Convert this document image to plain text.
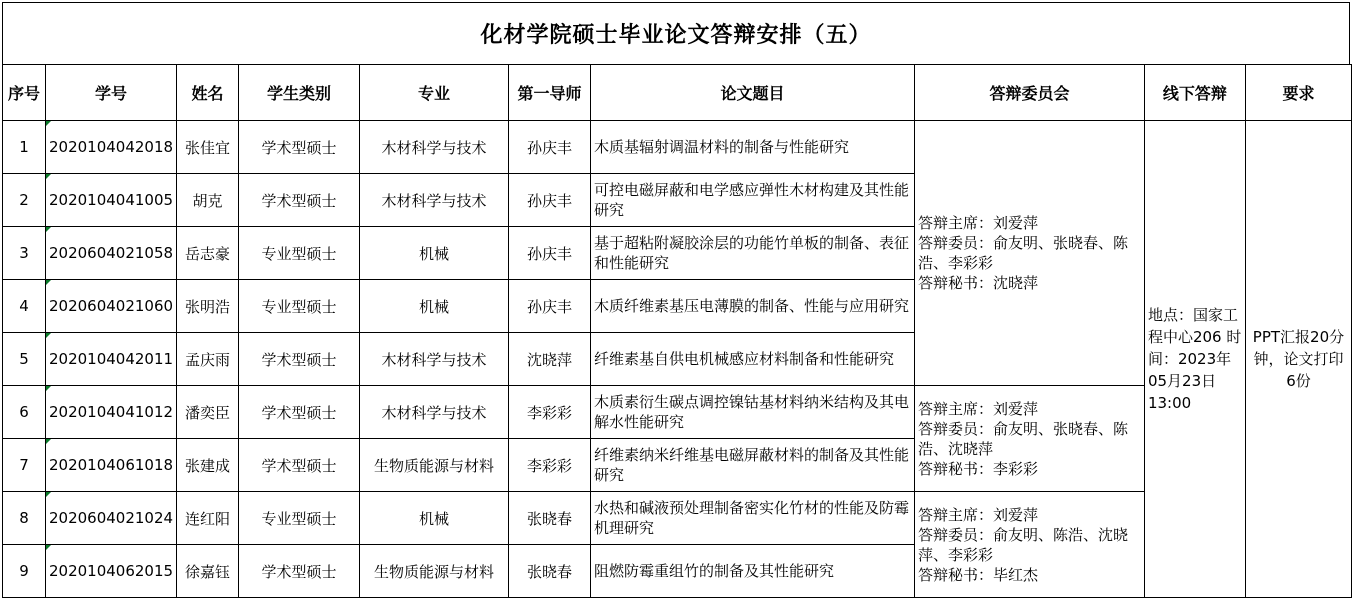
化材学院硕士毕业论文答辩安排（五）
序号	学号	姓名	学生类别	专业	第一导师	论文题目	答辩委员会	线下答辩	要求
1	2020104042018	张佳宜	学术型硕士	木材科学与技术	孙庆丰	木质基辐射调温材料的制备与性能研究	答辩主席：刘爱萍
答辩委员：俞友明、张晓春、陈浩、李彩彩
答辩秘书：沈晓萍	地点：国家工程中心206 时间：2023年05月23日 13:00	PPT汇报20分钟，论文打印6份
2	2020104041005	胡克	学术型硕士	木材科学与技术	孙庆丰	可控电磁屏蔽和电学感应弹性木材构建及其性能研究			
3	2020604021058	岳志豪	专业型硕士	机械	孙庆丰	基于超粘附凝胶涂层的功能竹单板的制备、表征和性能研究			
4	2020604021060	张明浩	专业型硕士	机械	孙庆丰	木质纤维素基压电薄膜的制备、性能与应用研究			
5	2020104042011	孟庆雨	学术型硕士	木材科学与技术	沈晓萍	纤维素基自供电机械感应材料制备和性能研究			
6	2020104041012	潘奕臣	学术型硕士	木材科学与技术	李彩彩	木质素衍生碳点调控镍钴基材料纳米结构及其电解水性能研究	答辩主席：刘爱萍
答辩委员：俞友明、张晓春、陈浩、沈晓萍
答辩秘书：李彩彩		

7	2020104061018	张建成	学术型硕士	生物质能源与材料	李彩彩	纤维素纳米纤维基电磁屏蔽材料的制备及其性能研究			
8	2020604021024	连红阳	专业型硕士	机械	张晓春	水热和碱液预处理制备密实化竹材的性能及防霉机理研究	答辩主席：刘爱萍
答辩委员：俞友明、陈浩、沈晓萍、李彩彩
答辩秘书：毕红杰		

9	2020104062015	徐嘉钰	学术型硕士	生物质能源与材料	张晓春	阻燃防霉重组竹的制备及其性能研究			
